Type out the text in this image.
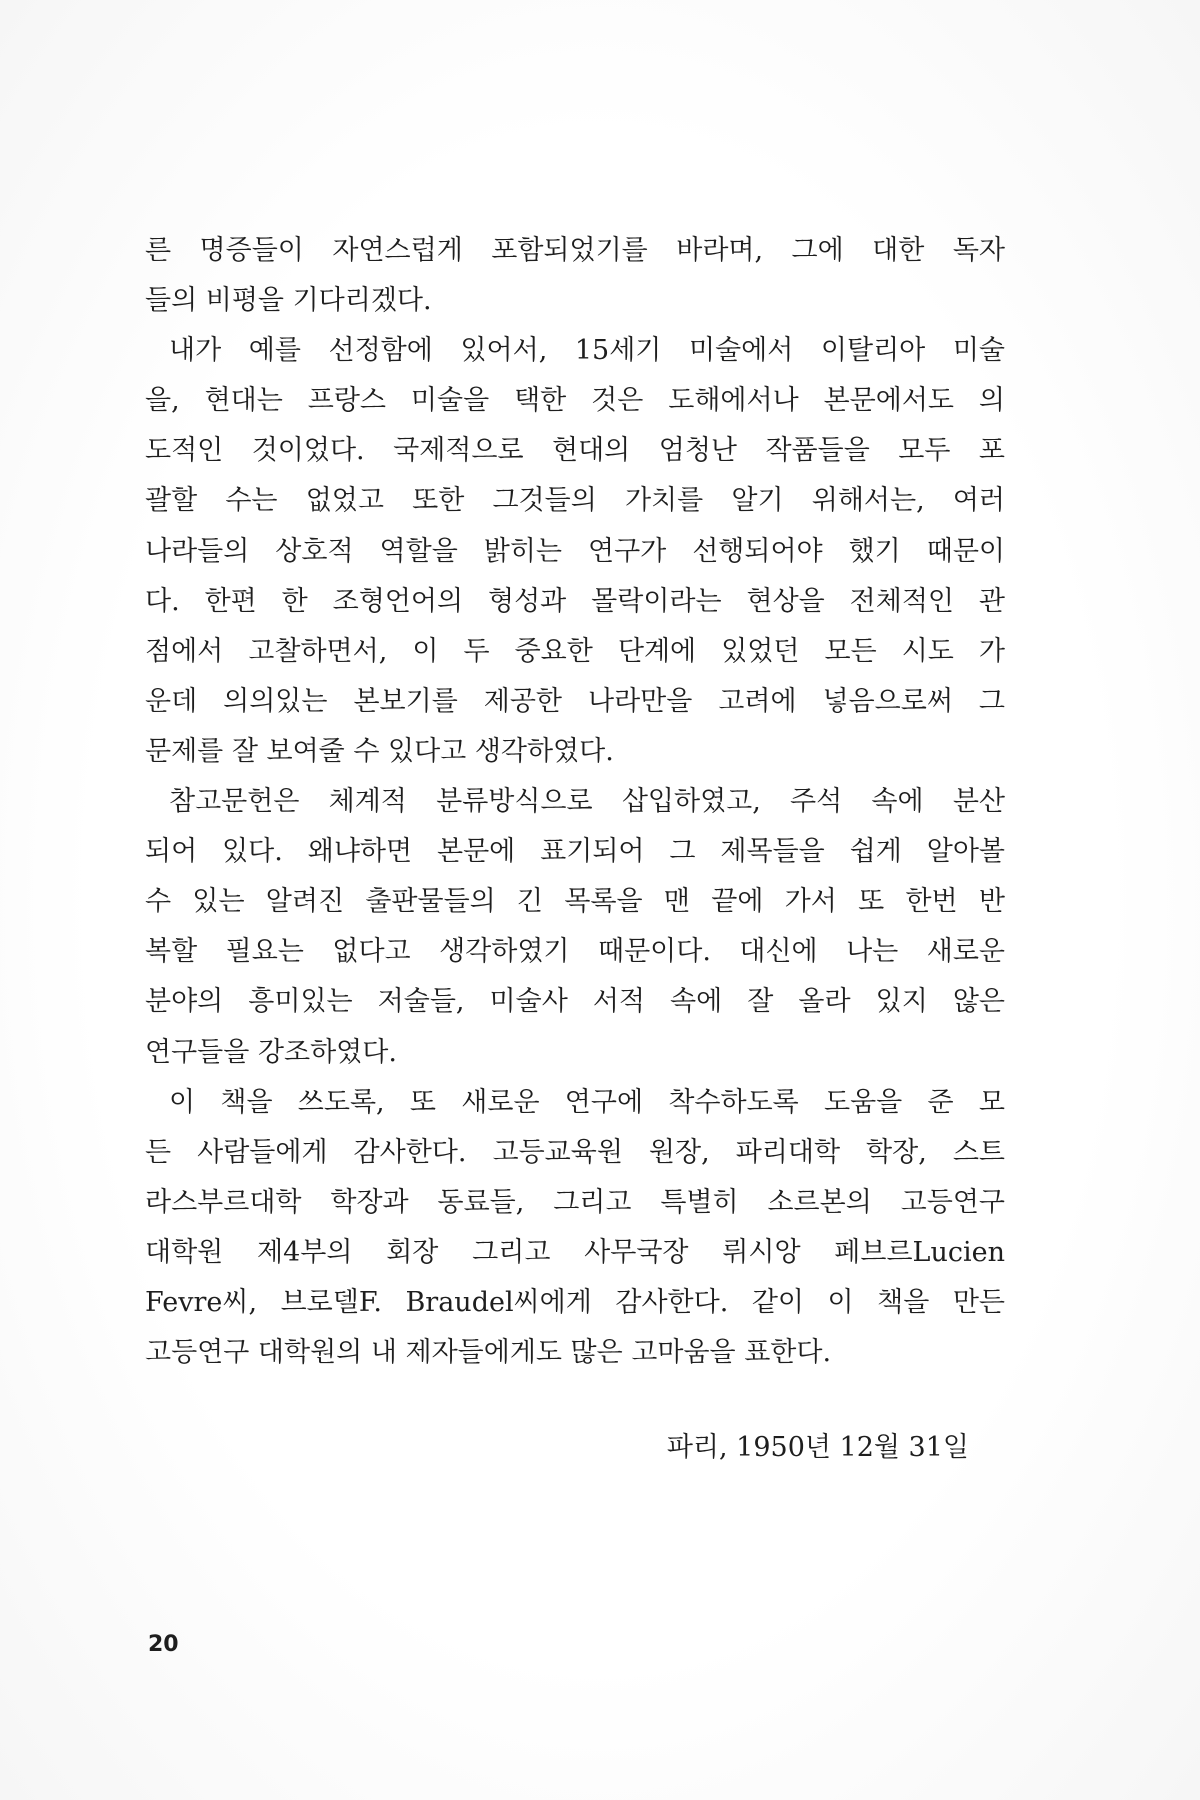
른 명증들이 자연스럽게 포함되었기를 바라며, 그에 대한 독자
들의 비평을 기다리겠다.
내가 예를 선정함에 있어서, 15세기 미술에서 이탈리아 미술
을, 현대는 프랑스 미술을 택한 것은 도해에서나 본문에서도 의
도적인 것이었다. 국제적으로 현대의 엄청난 작품들을 모두 포
괄할 수는 없었고 또한 그것들의 가치를 알기 위해서는, 여러
나라들의 상호적 역할을 밝히는 연구가 선행되어야 했기 때문이
다. 한편 한 조형언어의 형성과 몰락이라는 현상을 전체적인 관
점에서 고찰하면서, 이 두 중요한 단계에 있었던 모든 시도 가
운데 의의있는 본보기를 제공한 나라만을 고려에 넣음으로써 그
문제를 잘 보여줄 수 있다고 생각하였다.
참고문헌은 체계적 분류방식으로 삽입하였고, 주석 속에 분산
되어 있다. 왜냐하면 본문에 표기되어 그 제목들을 쉽게 알아볼
수 있는 알려진 출판물들의 긴 목록을 맨 끝에 가서 또 한번 반
복할 필요는 없다고 생각하였기 때문이다. 대신에 나는 새로운
분야의 흥미있는 저술들, 미술사 서적 속에 잘 올라 있지 않은
연구들을 강조하였다.
이 책을 쓰도록, 또 새로운 연구에 착수하도록 도움을 준 모
든 사람들에게 감사한다. 고등교육원 원장, 파리대학 학장, 스트
라스부르대학 학장과 동료들, 그리고 특별히 소르본의 고등연구
대학원 제4부의 회장 그리고 사무국장 뤼시앙 페브르Lucien
Fevre씨, 브로델F. Braudel씨에게 감사한다. 같이 이 책을 만든
고등연구 대학원의 내 제자들에게도 많은 고마움을 표한다.
파리, 1950년 12월 31일
20
